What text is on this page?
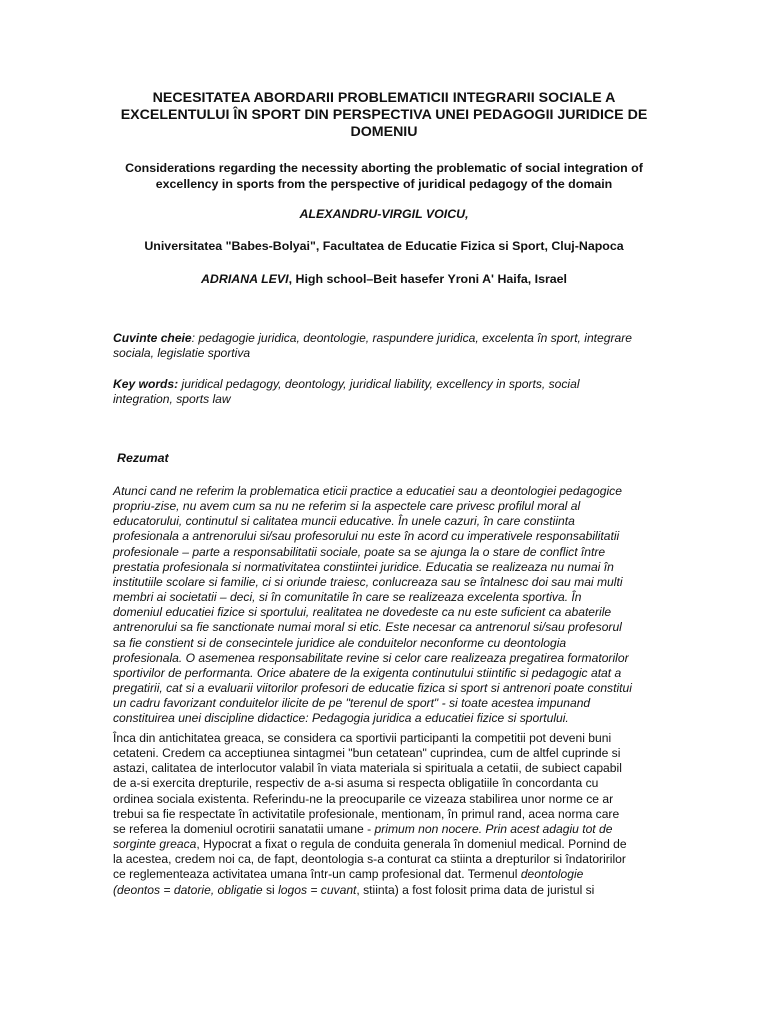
NECESITATEA ABORDARII PROBLEMATICII INTEGRARII SOCIALE A EXCELENTULUI ÎN SPORT DIN PERSPECTIVA UNEI PEDAGOGII JURIDICE DE DOMENIU
Considerations regarding the necessity aborting the problematic of social integration of excellency in sports from the perspective of juridical pedagogy of the domain
ALEXANDRU-VIRGIL VOICU,
Universitatea "Babes-Bolyai", Facultatea de Educatie Fizica si Sport, Cluj-Napoca
ADRIANA LEVI, High school–Beit hasefer Yroni A' Haifa, Israel
Cuvinte cheie: pedagogie juridica, deontologie, raspundere juridica, excelenta în sport, integrare sociala, legislatie sportiva
Key words: juridical pedagogy, deontology, juridical liability, excellency in sports, social integration, sports law
Rezumat
Atunci cand ne referim la problematica eticii practice a educatiei sau a deontologiei pedagogice propriu-zise, nu avem cum sa nu ne referim si la aspectele care privesc profilul moral al educatorului, continutul si calitatea muncii educative. În unele cazuri, în care constiinta profesionala a antrenorului si/sau profesorului nu este în acord cu imperativele responsabilitatii profesionale – parte a responsabilitatii sociale, poate sa se ajunga la o stare de conflict între prestatia profesionala si normativitatea constiintei juridice. Educatia se realizeaza nu numai în institutiile scolare si familie, ci si oriunde traiesc, conlucreaza sau se întalnesc doi sau mai multi membri ai societatii – deci, si în comunitatile în care se realizeaza excelenta sportiva. În domeniul educatiei fizice si sportului, realitatea ne dovedeste ca nu este suficient ca abaterile antrenorului sa fie sanctionate numai moral si etic. Este necesar ca antrenorul si/sau profesorul sa fie constient si de consecintele juridice ale conduitelor neconforme cu deontologia profesionala. O asemenea responsabilitate revine si celor care realizeaza pregatirea formatorilor sportivilor de performanta. Orice abatere de la exigenta continutului stiintific si pedagogic atat a pregatirii, cat si a evaluarii viitorilor profesori de educatie fizica si sport si antrenori poate constitui un cadru favorizant conduitelor ilicite de pe "terenul de sport" - si toate acestea impunand constituirea unei discipline didactice: Pedagogia juridica a educatiei fizice si sportului.
Înca din antichitatea greaca, se considera ca sportivii participanti la competitii pot deveni buni cetateni. Credem ca acceptiunea sintagmei "bun cetatean" cuprindea, cum de altfel cuprinde si astazi, calitatea de interlocutor valabil în viata materiala si spirituala a cetatii, de subiect capabil de a-si exercita drepturile, respectiv de a-si asuma si respecta obligatiile în concordanta cu ordinea sociala existenta. Referindu-ne la preocuparile ce vizeaza stabilirea unor norme ce ar trebui sa fie respectate în activitatile profesionale, mentionam, în primul rand, acea norma care se referea la domeniul ocrotirii sanatatii umane - primum non nocere. Prin acest adagiu tot de sorginte greaca, Hypocrat a fixat o regula de conduita generala în domeniul medical. Pornind de la acestea, credem noi ca, de fapt, deontologia s-a conturat ca stiinta a drepturilor si îndatoririlor ce reglementeaza activitatea umana într-un camp profesional dat. Termenul deontologie (deontos = datorie, obligatie si logos = cuvant, stiinta) a fost folosit prima data de juristul si
